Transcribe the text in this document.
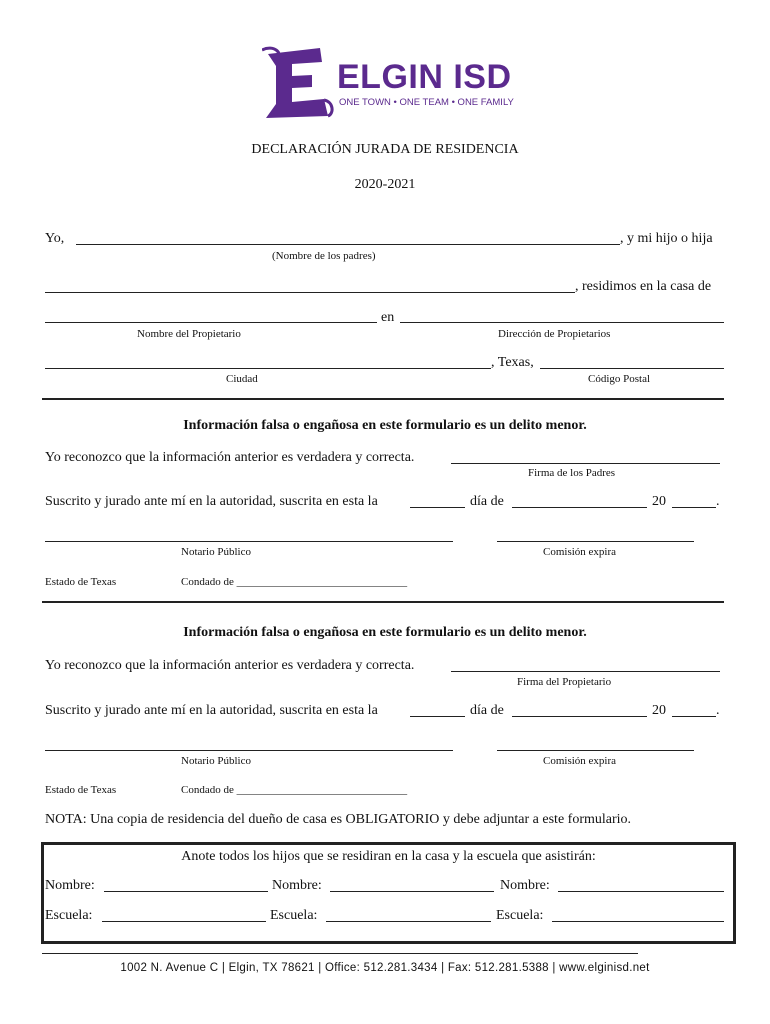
ELGIN ISD
ONE TOWN • ONE TEAM • ONE FAMILY
DECLARACIÓN JURADA DE RESIDENCIA
2020-2021
Yo,	, y mi hijo o hija
(Nombre de los padres)
, residimos en la casa de
en
Nombre del Propietario	Dirección de Propietarios
, Texas,
Ciudad	Código Postal
Información falsa o engañosa en este formulario es un delito menor.
Yo reconozco que la información anterior es verdadera y correcta.
Firma de los Padres
Suscrito y jurado ante mí en la autoridad, suscrita en esta la	día de	20	.
Notario Público	Comisión expira
Estado de Texas	Condado de _______________________________
Información falsa o engañosa en este formulario es un delito menor.
Yo reconozco que la información anterior es verdadera y correcta.
Firma del Propietario
Suscrito y jurado ante mí en la autoridad, suscrita en esta la	día de	20	.
Notario Público	Comisión expira
Estado de Texas	Condado de _______________________________
NOTA: Una copia de residencia del dueño de casa es OBLIGATORIO y debe adjuntar a este formulario.
Anote todos los hijos que se residiran en la casa y la escuela que asistirán:
Nombre:	Nombre:	Nombre:
Escuela:	Escuela:	Escuela:
1002 N. Avenue C | Elgin, TX 78621 | Office: 512.281.3434 | Fax: 512.281.5388 | www.elginisd.net
